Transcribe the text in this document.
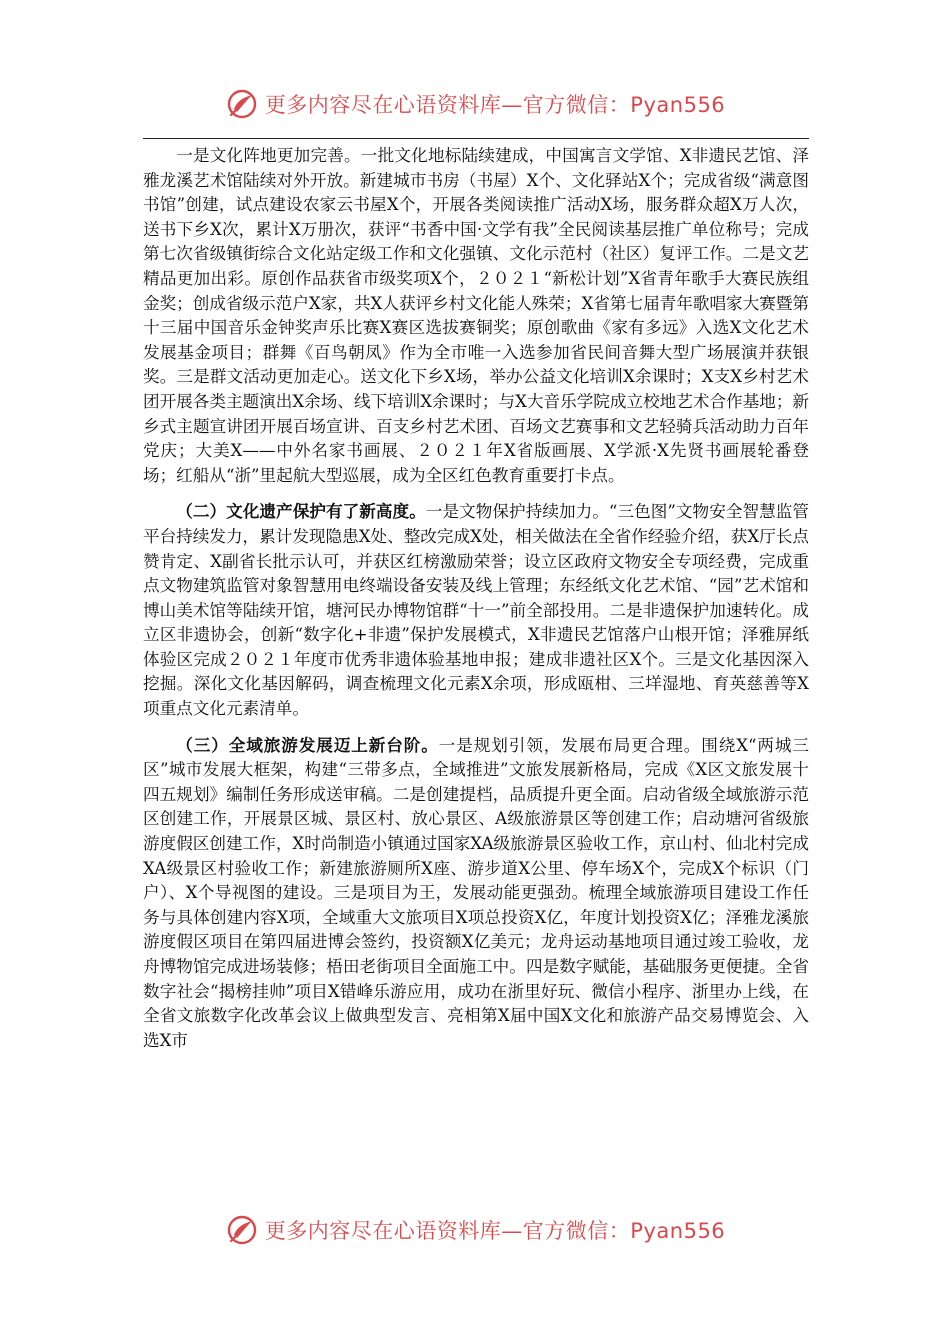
更多内容尽在心语资料库—官方微信：Pyan556

一是文化阵地更加完善。一批文化地标陆续建成，中国寓言文学馆、X非遗民艺馆、泽雅龙溪艺术馆陆续对外开放。新建城市书房（书屋）X个、文化驿站X个；完成省级“满意图书馆”创建，试点建设农家云书屋X个，开展各类阅读推广活动X场，服务群众超X万人次，送书下乡X次，累计X万册次，获评“书香中国·文学有我”全民阅读基层推广单位称号；完成第七次省级镇街综合文化站定级工作和文化强镇、文化示范村（社区）复评工作。二是文艺精品更加出彩。原创作品获省市级奖项X个，２０２１“新松计划”X省青年歌手大赛民族组金奖；创成省级示范户X家，共X人获评乡村文化能人殊荣；X省第七届青年歌唱家大赛暨第十三届中国音乐金钟奖声乐比赛X赛区选拔赛铜奖；原创歌曲《家有多远》入选X文化艺术发展基金项目；群舞《百鸟朝凤》作为全市唯一入选参加省民间音舞大型广场展演并获银奖。三是群文活动更加走心。送文化下乡X场，举办公益文化培训X余课时；X支X乡村艺术团开展各类主题演出X余场、线下培训X余课时；与X大音乐学院成立校地艺术合作基地；新乡式主题宣讲团开展百场宣讲、百支乡村艺术团、百场文艺赛事和文艺轻骑兵活动助力百年党庆；大美X——中外名家书画展、２０２１年X省版画展、X学派·X先贤书画展轮番登场；红船从“浙”里起航大型巡展，成为全区红色教育重要打卡点。

（二）文化遗产保护有了新高度。一是文物保护持续加力。“三色图”文物安全智慧监管平台持续发力，累计发现隐患X处、整改完成X处，相关做法在全省作经验介绍，获X厅长点赞肯定、X副省长批示认可，并获区红榜激励荣誉；设立区政府文物安全专项经费，完成重点文物建筑监管对象智慧用电终端设备安装及线上管理；东经纸文化艺术馆、“园”艺术馆和博山美术馆等陆续开馆，塘河民办博物馆群“十一”前全部投用。二是非遗保护加速转化。成立区非遗协会，创新“数字化+非遗”保护发展模式，X非遗民艺馆落户山根开馆；泽雅屏纸体验区完成２０２１年度市优秀非遗体验基地申报；建成非遗社区X个。三是文化基因深入挖掘。深化文化基因解码，调查梳理文化元素X余项，形成瓯柑、三垟湿地、育英慈善等X项重点文化元素清单。

（三）全域旅游发展迈上新台阶。一是规划引领，发展布局更合理。围绕X“两城三区”城市发展大框架，构建“三带多点，全域推进”文旅发展新格局，完成《X区文旅发展十四五规划》编制任务形成送审稿。二是创建提档，品质提升更全面。启动省级全域旅游示范区创建工作，开展景区城、景区村、放心景区、A级旅游景区等创建工作；启动塘河省级旅游度假区创建工作，X时尚制造小镇通过国家XA级旅游景区验收工作，京山村、仙北村完成XA级景区村验收工作；新建旅游厕所X座、游步道X公里、停车场X个，完成X个标识（门户）、X个导视图的建设。三是项目为王，发展动能更强劲。梳理全域旅游项目建设工作任务与具体创建内容X项，全域重大文旅项目X项总投资X亿，年度计划投资X亿；泽雅龙溪旅游度假区项目在第四届进博会签约，投资额X亿美元；龙舟运动基地项目通过竣工验收，龙舟博物馆完成进场装修；梧田老街项目全面施工中。四是数字赋能，基础服务更便捷。全省数字社会“揭榜挂帅”项目X错峰乐游应用，成功在浙里好玩、微信小程序、浙里办上线，在全省文旅数字化改革会议上做典型发言、亮相第X届中国X文化和旅游产品交易博览会、入选X市

更多内容尽在心语资料库—官方微信：Pyan556
